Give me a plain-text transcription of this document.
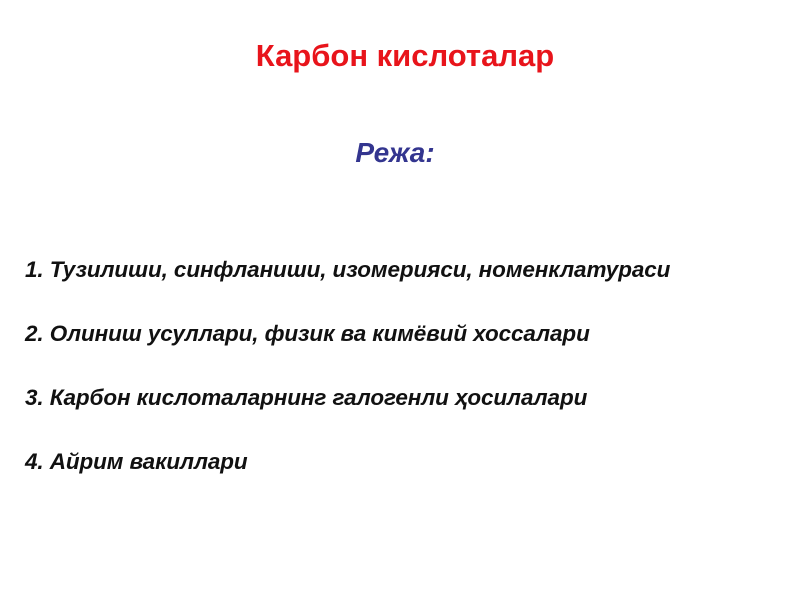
Карбон кислоталар
Режа:
1. Тузилиши, синфланиши, изомерияси, номенклатураси
2. Олиниш усуллари, физик ва кимёвий хоссалари
3. Карбон кислоталарнинг галогенли ҳосилалари
4. Айрим вакиллари
